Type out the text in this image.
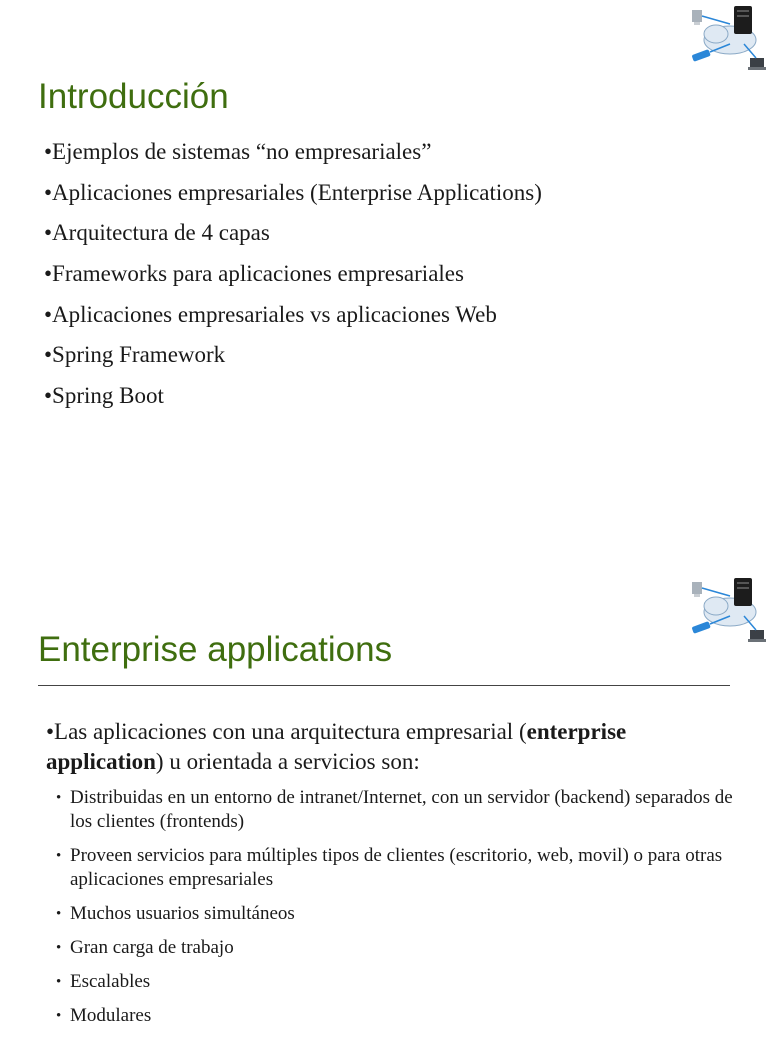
Introducción
•Ejemplos de sistemas “no empresariales”
•Aplicaciones empresariales (Enterprise Applications)
•Arquitectura de 4 capas
•Frameworks para aplicaciones empresariales
•Aplicaciones empresariales vs aplicaciones Web
•Spring Framework
•Spring Boot
Enterprise applications

•Las aplicaciones con una arquitectura empresarial (enterprise application) u orientada a servicios son:

• Distribuidas en un entorno de intranet/Internet, con un servidor (backend) separados de los clientes (frontends)
• Proveen servicios para múltiples tipos de clientes (escritorio, web, movil) o para otras aplicaciones empresariales
• Muchos usuarios simultáneos
• Gran carga de trabajo
• Escalables
• Modulares
